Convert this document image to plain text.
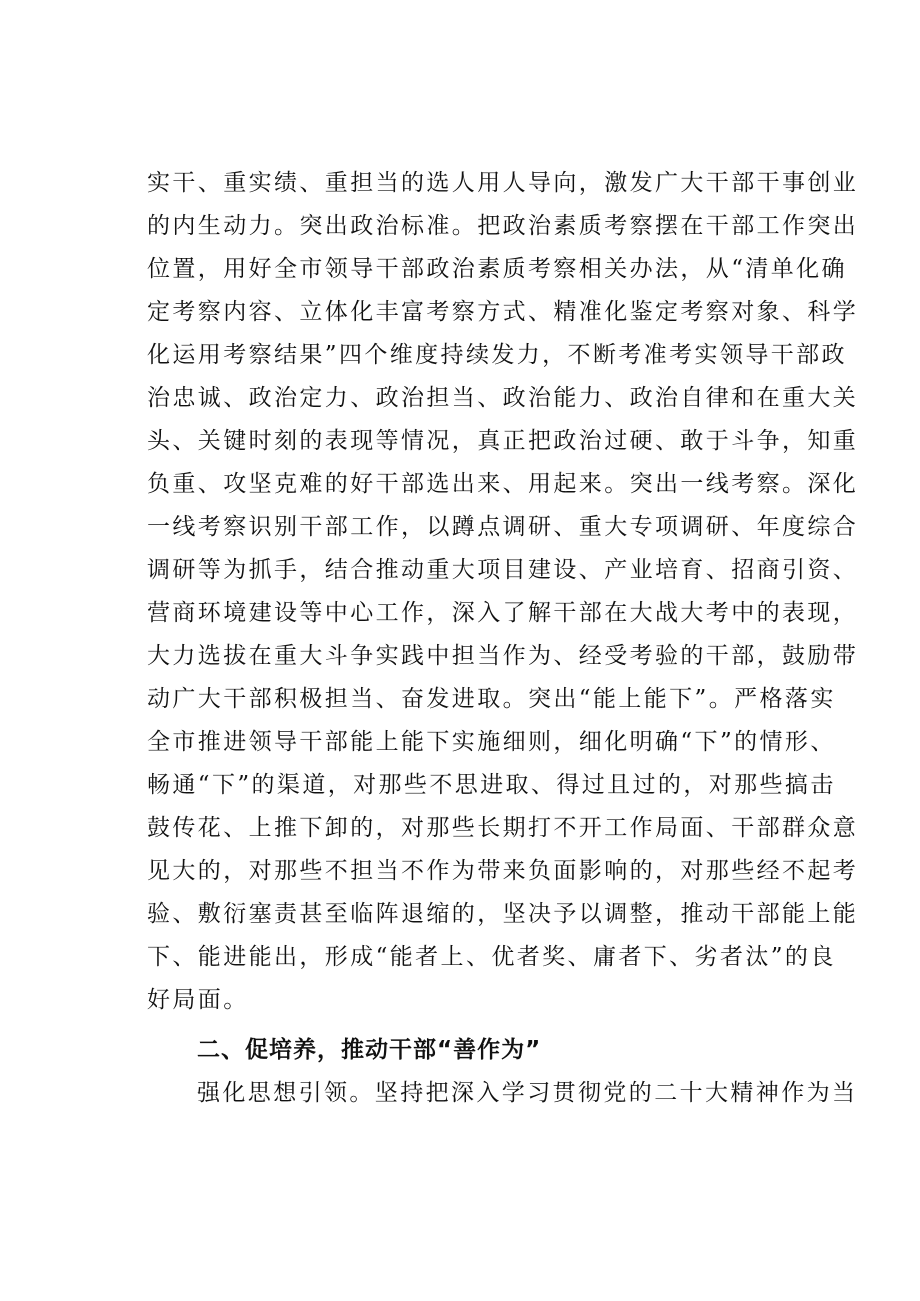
实干、重实绩、重担当的选人用人导向，激发广大干部干事创业
的内生动力。突出政治标准。把政治素质考察摆在干部工作突出
位置，用好全市领导干部政治素质考察相关办法，从“清单化确
定考察内容、立体化丰富考察方式、精准化鉴定考察对象、科学
化运用考察结果”四个维度持续发力，不断考准考实领导干部政
治忠诚、政治定力、政治担当、政治能力、政治自律和在重大关
头、关键时刻的表现等情况，真正把政治过硬、敢于斗争，知重
负重、攻坚克难的好干部选出来、用起来。突出一线考察。深化
一线考察识别干部工作，以蹲点调研、重大专项调研、年度综合
调研等为抓手，结合推动重大项目建设、产业培育、招商引资、
营商环境建设等中心工作，深入了解干部在大战大考中的表现，
大力选拔在重大斗争实践中担当作为、经受考验的干部，鼓励带
动广大干部积极担当、奋发进取。突出“能上能下”。严格落实
全市推进领导干部能上能下实施细则，细化明确“下”的情形、
畅通“下”的渠道，对那些不思进取、得过且过的，对那些搞击
鼓传花、上推下卸的，对那些长期打不开工作局面、干部群众意
见大的，对那些不担当不作为带来负面影响的，对那些经不起考
验、敷衍塞责甚至临阵退缩的，坚决予以调整，推动干部能上能
下、能进能出，形成“能者上、优者奖、庸者下、劣者汰”的良
好局面。
二、促培养，推动干部“善作为”
强化思想引领。坚持把深入学习贯彻党的二十大精神作为当
